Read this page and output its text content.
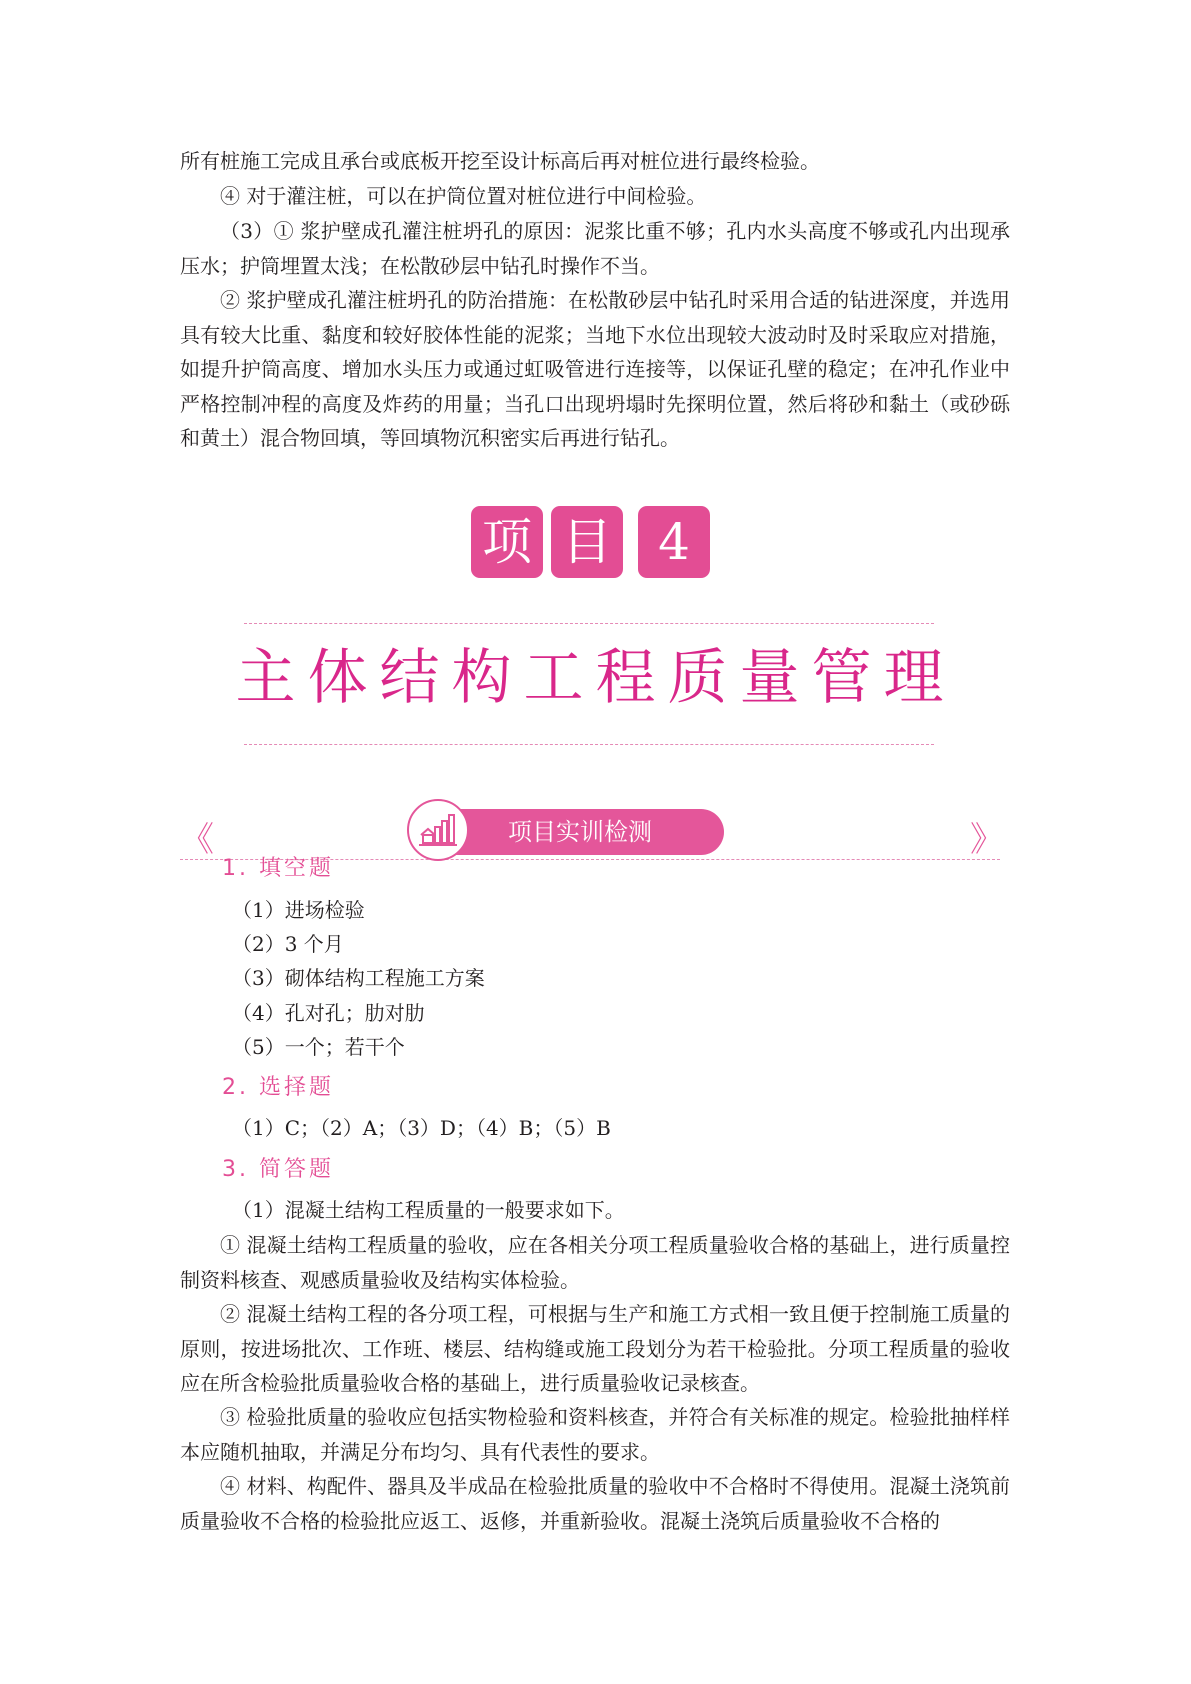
所有桩施工完成且承台或底板开挖至设计标高后再对桩位进行最终检验。

④ 对于灌注桩，可以在护筒位置对桩位进行中间检验。

（3）① 浆护壁成孔灌注桩坍孔的原因：泥浆比重不够；孔内水头高度不够或孔内出现承压水；护筒埋置太浅；在松散砂层中钻孔时操作不当。

② 浆护壁成孔灌注桩坍孔的防治措施：在松散砂层中钻孔时采用合适的钻进深度，并选用具有较大比重、黏度和较好胶体性能的泥浆；当地下水位出现较大波动时及时采取应对措施，如提升护筒高度、增加水头压力或通过虹吸管进行连接等，以保证孔壁的稳定；在冲孔作业中严格控制冲程的高度及炸药的用量；当孔口出现坍塌时先探明位置，然后将砂和黏土（或砂砾和黄土）混合物回填，等回填物沉积密实后再进行钻孔。

项 目 4
主体结构工程质量管理
《	》
项目实训检测
1. 填空题
（1）进场检验
（2）3 个月
（3）砌体结构工程施工方案
（4）孔对孔；肋对肋
（5）一个；若干个
2. 选择题
（1）C；（2）A；（3）D；（4）B；（5）B
3. 简答题
（1）混凝土结构工程质量的一般要求如下。

① 混凝土结构工程质量的验收，应在各相关分项工程质量验收合格的基础上，进行质量控制资料核查、观感质量验收及结构实体检验。

② 混凝土结构工程的各分项工程，可根据与生产和施工方式相一致且便于控制施工质量的原则，按进场批次、工作班、楼层、结构缝或施工段划分为若干检验批。分项工程质量的验收应在所含检验批质量验收合格的基础上，进行质量验收记录核查。

③ 检验批质量的验收应包括实物检验和资料核查，并符合有关标准的规定。检验批抽样样本应随机抽取，并满足分布均匀、具有代表性的要求。

④ 材料、构配件、器具及半成品在检验批质量的验收中不合格时不得使用。混凝土浇筑前质量验收不合格的检验批应返工、返修，并重新验收。混凝土浇筑后质量验收不合格的
